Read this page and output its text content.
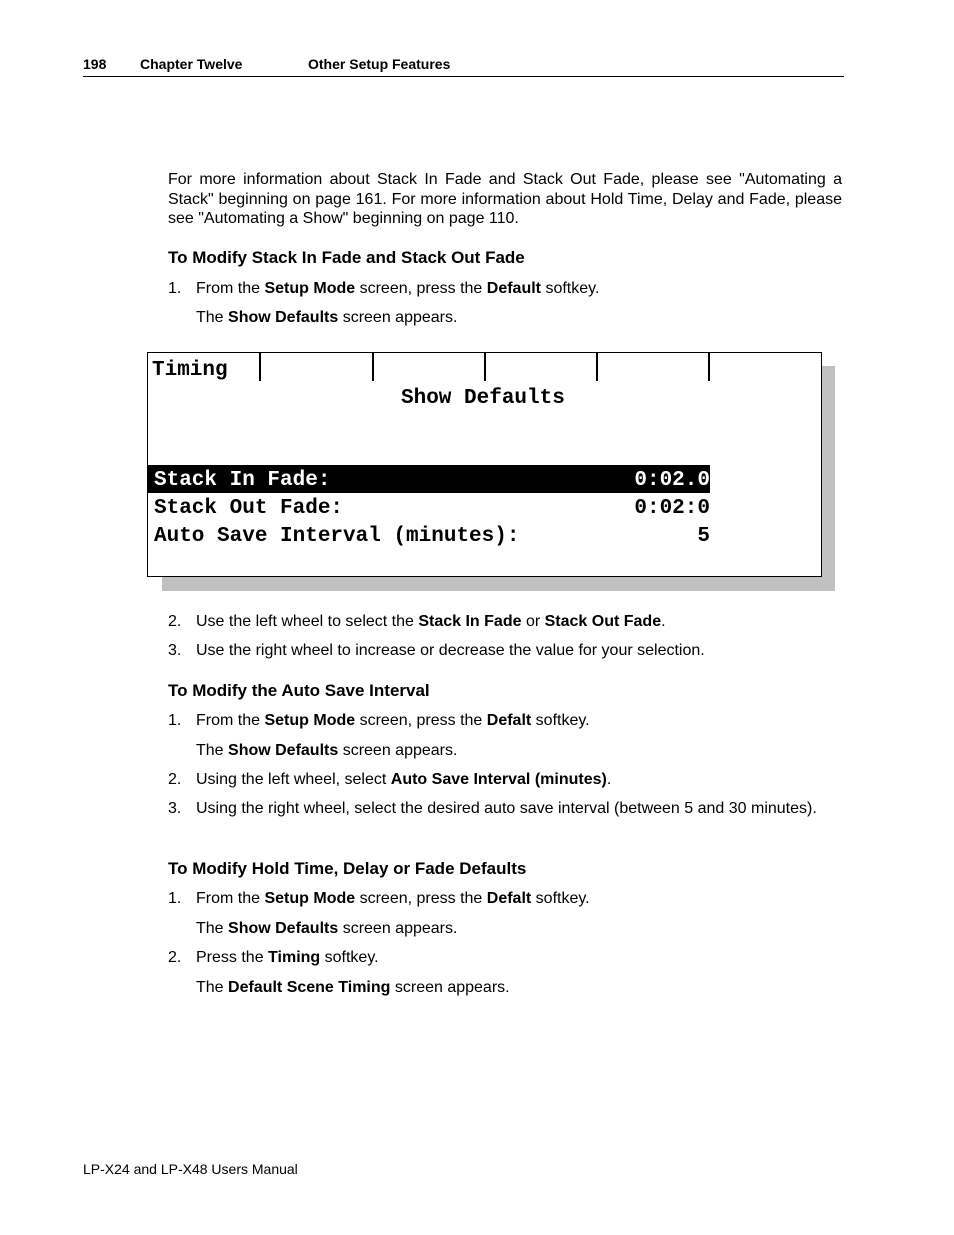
198 Chapter Twelve	Other Setup Features
For more information about Stack In Fade and Stack Out Fade, please see "Automating a Stack" beginning on page 161. For more information about Hold Time, Delay and Fade, please see "Automating a Show" beginning on page 110.
To Modify Stack In Fade and Stack Out Fade
1. From the Setup Mode screen, press the Default softkey.
The Show Defaults screen appears.
Timing
Show Defaults
Stack In Fade:	0:02.0
Stack Out Fade:	0:02:0
Auto Save Interval (minutes):	5
2. Use the left wheel to select the Stack In Fade or Stack Out Fade.
3. Use the right wheel to increase or decrease the value for your selection.
To Modify the Auto Save Interval
1. From the Setup Mode screen, press the Defalt softkey.
The Show Defaults screen appears.
2. Using the left wheel, select Auto Save Interval (minutes).
3. Using the right wheel, select the desired auto save interval (between 5 and 30 minutes).
To Modify Hold Time, Delay or Fade Defaults
1. From the Setup Mode screen, press the Defalt softkey.
The Show Defaults screen appears.
2. Press the Timing softkey.
The Default Scene Timing screen appears.
LP-X24 and LP-X48 Users Manual
